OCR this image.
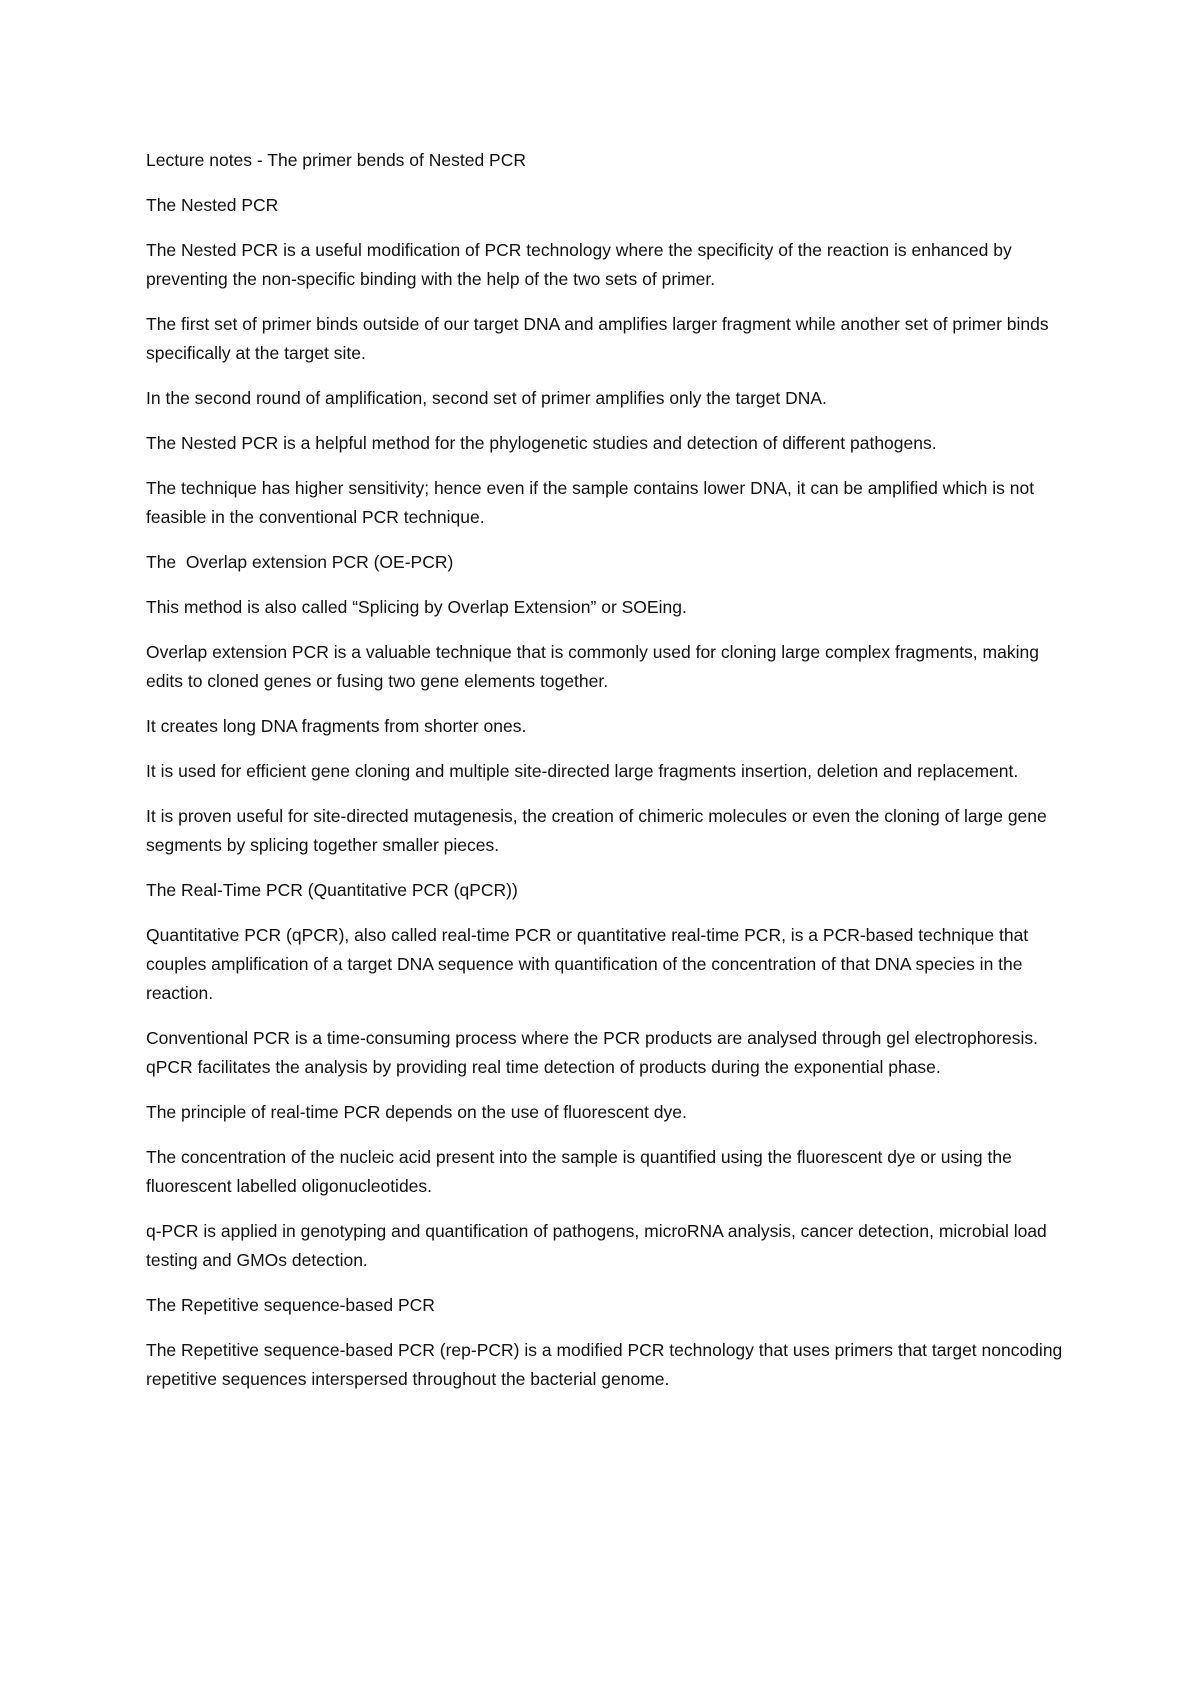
Lecture notes - The primer bends of Nested PCR

The Nested PCR

The Nested PCR is a useful modification of PCR technology where the specificity of the reaction is enhanced by preventing the non-specific binding with the help of the two sets of primer.

The first set of primer binds outside of our target DNA and amplifies larger fragment while another set of primer binds specifically at the target site.

In the second round of amplification, second set of primer amplifies only the target DNA.

The Nested PCR is a helpful method for the phylogenetic studies and detection of different pathogens.

The technique has higher sensitivity; hence even if the sample contains lower DNA, it can be amplified which is not feasible in the conventional PCR technique.

The  Overlap extension PCR (OE-PCR)

This method is also called “Splicing by Overlap Extension” or SOEing.

Overlap extension PCR is a valuable technique that is commonly used for cloning large complex fragments, making edits to cloned genes or fusing two gene elements together.

It creates long DNA fragments from shorter ones.

It is used for efficient gene cloning and multiple site-directed large fragments insertion, deletion and replacement.

It is proven useful for site-directed mutagenesis, the creation of chimeric molecules or even the cloning of large gene segments by splicing together smaller pieces.

The Real-Time PCR (Quantitative PCR (qPCR))

Quantitative PCR (qPCR), also called real-time PCR or quantitative real-time PCR, is a PCR-based technique that couples amplification of a target DNA sequence with quantification of the concentration of that DNA species in the reaction.

Conventional PCR is a time-consuming process where the PCR products are analysed through gel electrophoresis. qPCR facilitates the analysis by providing real time detection of products during the exponential phase.

The principle of real-time PCR depends on the use of fluorescent dye.

The concentration of the nucleic acid present into the sample is quantified using the fluorescent dye or using the fluorescent labelled oligonucleotides.

q-PCR is applied in genotyping and quantification of pathogens, microRNA analysis, cancer detection, microbial load testing and GMOs detection.

The Repetitive sequence-based PCR

The Repetitive sequence-based PCR (rep-PCR) is a modified PCR technology that uses primers that target noncoding repetitive sequences interspersed throughout the bacterial genome.
